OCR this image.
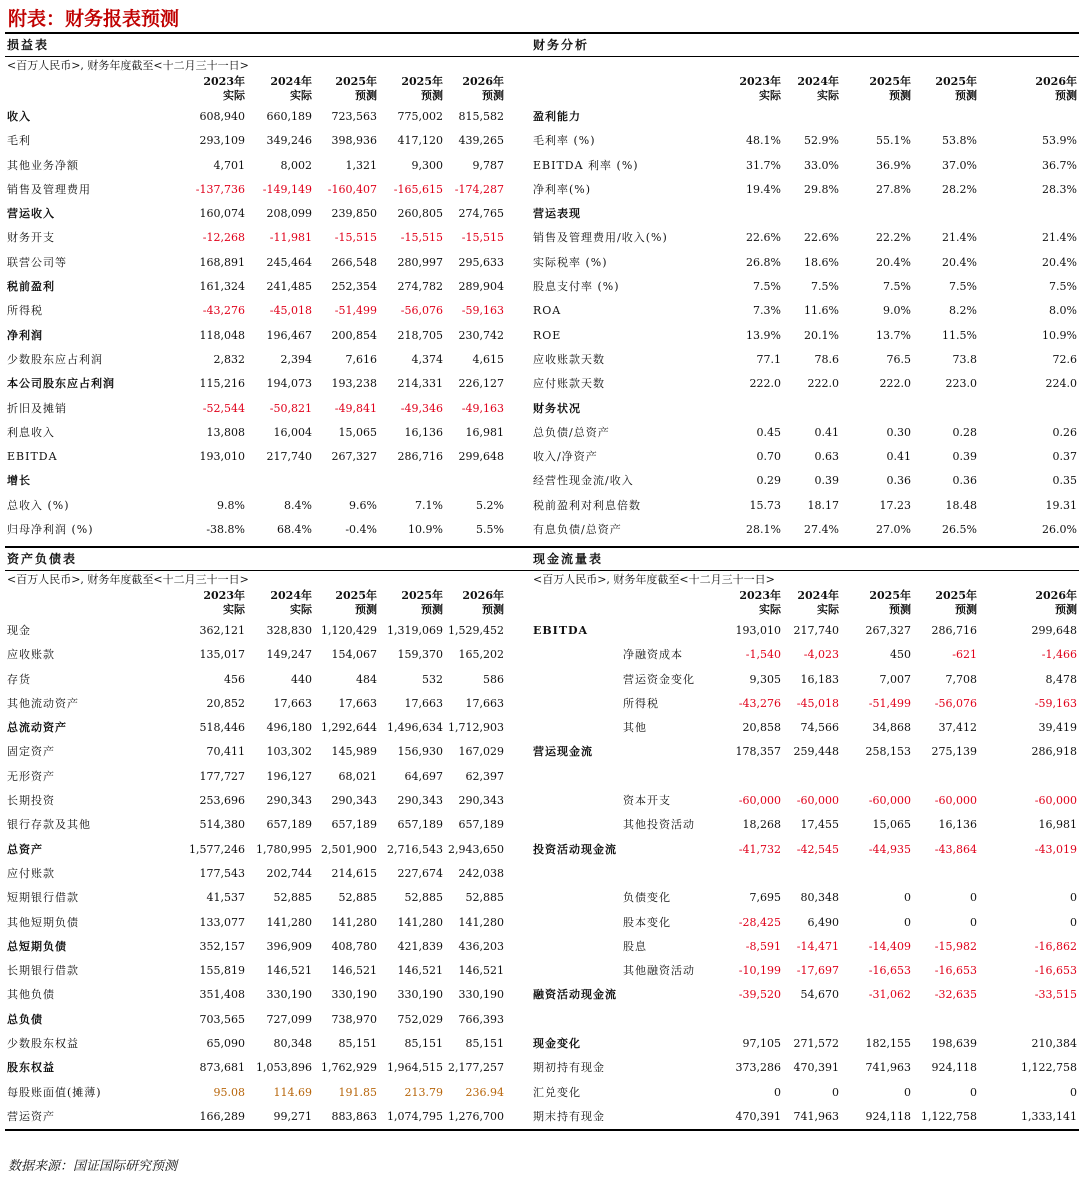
附表：财务报表预测
损益表
<百万人民币>, 财务年度截至<十二月三十一日>
2023年
实际
2024年
实际
2025年
预测
2025年
预测
2026年
预测
收入	608,940	660,189	723,563	775,002	815,582
毛利	293,109	349,246	398,936	417,120	439,265
其他业务净额	4,701	8,002	1,321	9,300	9,787
销售及管理费用	-137,736	-149,149	-160,407	-165,615	-174,287
营运收入	160,074	208,099	239,850	260,805	274,765
财务开支	-12,268	-11,981	-15,515	-15,515	-15,515
联营公司等	168,891	245,464	266,548	280,997	295,633
税前盈利	161,324	241,485	252,354	274,782	289,904
所得税	-43,276	-45,018	-51,499	-56,076	-59,163
净利润	118,048	196,467	200,854	218,705	230,742
少数股东应占利润	2,832	2,394	7,616	4,374	4,615
本公司股东应占利润	115,216	194,073	193,238	214,331	226,127
折旧及摊销	-52,544	-50,821	-49,841	-49,346	-49,163
利息收入	13,808	16,004	15,065	16,136	16,981
EBITDA	193,010	217,740	267,327	286,716	299,648
增长
总收入 (%)	9.8%	8.4%	9.6%	7.1%	5.2%
归母净利润 (%)	-38.8%	68.4%	-0.4%	10.9%	5.5%
财务分析
2023年
实际
2024年
实际
2025年
预测
2025年
预测
2026年
预测
盈利能力
毛利率 (%)	48.1%	52.9%	55.1%	53.8%	53.9%
EBITDA 利率 (%)	31.7%	33.0%	36.9%	37.0%	36.7%
净利率(%)	19.4%	29.8%	27.8%	28.2%	28.3%
营运表现
销售及管理费用/收入(%)	22.6%	22.6%	22.2%	21.4%	21.4%
实际税率 (%)	26.8%	18.6%	20.4%	20.4%	20.4%
股息支付率 (%)	7.5%	7.5%	7.5%	7.5%	7.5%
ROA	7.3%	11.6%	9.0%	8.2%	8.0%
ROE	13.9%	20.1%	13.7%	11.5%	10.9%
应收账款天数	77.1	78.6	76.5	73.8	72.6
应付账款天数	222.0	222.0	222.0	223.0	224.0
财务状况
总负债/总资产	0.45	0.41	0.30	0.28	0.26
收入/净资产	0.70	0.63	0.41	0.39	0.37
经营性现金流/收入	0.29	0.39	0.36	0.36	0.35
税前盈利对利息倍数	15.73	18.17	17.23	18.48	19.31
有息负债/总资产	28.1%	27.4%	27.0%	26.5%	26.0%
资产负债表
<百万人民币>, 财务年度截至<十二月三十一日>
2023年
实际
2024年
实际
2025年
预测
2025年
预测
2026年
预测
现金	362,121	328,830 1,120,429 1,319,069 1,529,452
应收账款	135,017	149,247	154,067	159,370	165,202
存货	456	440	484	532	586
其他流动资产	20,852	17,663	17,663	17,663	17,663
总流动资产	518,446	496,180 1,292,644 1,496,634 1,712,903
固定资产	70,411	103,302	145,989	156,930	167,029
无形资产	177,727	196,127	68,021	64,697	62,397
长期投资	253,696	290,343	290,343	290,343	290,343
银行存款及其他	514,380	657,189	657,189	657,189	657,189
总资产	1,577,246	1,780,995 2,501,900 2,716,543 2,943,650
应付账款	177,543	202,744	214,615	227,674	242,038
短期银行借款	41,537	52,885	52,885	52,885	52,885
其他短期负债	133,077	141,280	141,280	141,280	141,280
总短期负债	352,157	396,909	408,780	421,839	436,203
长期银行借款	155,819	146,521	146,521	146,521	146,521
其他负债	351,408	330,190	330,190	330,190	330,190
总负债	703,565	727,099	738,970	752,029	766,393
少数股东权益	65,090	80,348	85,151	85,151	85,151
股东权益	873,681	1,053,896 1,762,929 1,964,515 2,177,257
每股账面值(摊薄)	95.08	114.69	191.85	213.79	236.94
营运资产	166,289	99,271	883,863 1,074,795 1,276,700
现金流量表
<百万人民币>, 财务年度截至<十二月三十一日>
2023年
实际
2024年
实际
2025年
预测
2025年
预测
2026年
预测
EBITDA	193,010	217,740	267,327	286,716	299,648
净融资成本	-1,540	-4,023	450	-621	-1,466
营运资金变化	9,305	16,183	7,007	7,708	8,478
所得税	-43,276	-45,018	-51,499	-56,076	-59,163
其他	20,858	74,566	34,868	37,412	39,419
营运现金流	178,357	259,448	258,153	275,139	286,918
资本开支	-60,000	-60,000	-60,000	-60,000	-60,000
其他投资活动	18,268	17,455	15,065	16,136	16,981
投资活动现金流	-41,732	-42,545	-44,935	-43,864	-43,019
负债变化	7,695	80,348	0	0	0
股本变化	-28,425	6,490	0	0	0
股息	-8,591	-14,471	-14,409	-15,982	-16,862
其他融资活动	-10,199	-17,697	-16,653	-16,653	-16,653
融资活动现金流	-39,520	54,670	-31,062	-32,635	-33,515
现金变化	97,105	271,572	182,155	198,639	210,384
期初持有现金	373,286	470,391	741,963	924,118	1,122,758
汇兑变化	0	0	0	0	0
期末持有现金	470,391	741,963	924,118 1,122,758	1,333,141
数据来源：国证国际研究预测
